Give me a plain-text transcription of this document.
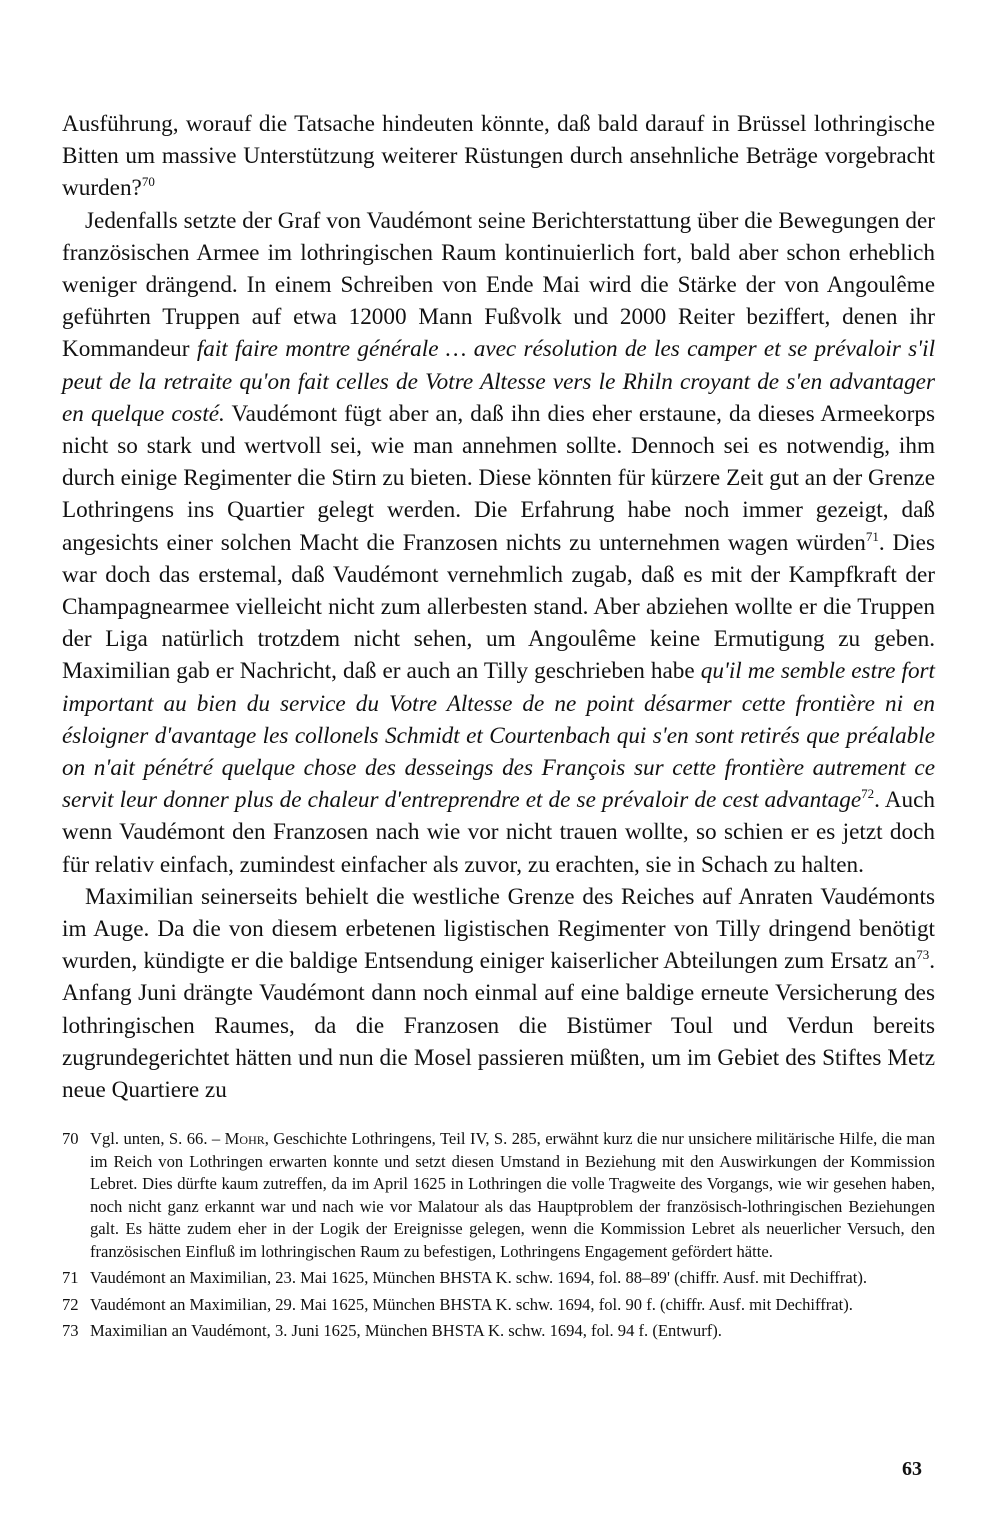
Ausführung, worauf die Tatsache hindeuten könnte, daß bald darauf in Brüssel lothringische Bitten um massive Unterstützung weiterer Rüstungen durch ansehnliche Beträge vorgebracht wurden?$^{70}$

Jedenfalls setzte der Graf von Vaudémont seine Berichterstattung über die Bewegungen der französischen Armee im lothringischen Raum kontinuierlich fort, bald aber schon erheblich weniger drängend. In einem Schreiben von Ende Mai wird die Stärke der von Angoulême geführten Truppen auf etwa 12000 Mann Fußvolk und 2000 Reiter beziffert, denen ihr Kommandeur fait faire montre générale … avec résolution de les camper et se prévaloir s'il peut de la retraite qu'on fait celles de Votre Altesse vers le Rhiln croyant de s'en advantager en quelque costé. Vaudémont fügt aber an, daß ihn dies eher erstaune, da dieses Armeekorps nicht so stark und wertvoll sei, wie man annehmen sollte. Dennoch sei es notwendig, ihm durch einige Regimenter die Stirn zu bieten. Diese könnten für kürzere Zeit gut an der Grenze Lothringens ins Quartier gelegt werden. Die Erfahrung habe noch immer gezeigt, daß angesichts einer solchen Macht die Franzosen nichts zu unternehmen wagen würden$^{71}$. Dies war doch das erstemal, daß Vaudémont vernehmlich zugab, daß es mit der Kampfkraft der Champagnearmee vielleicht nicht zum allerbesten stand. Aber abziehen wollte er die Truppen der Liga natürlich trotzdem nicht sehen, um Angoulême keine Ermutigung zu geben. Maximilian gab er Nachricht, daß er auch an Tilly geschrieben habe qu'il me semble estre fort important au bien du service du Votre Altesse de ne point désarmer cette frontière ni en ésloigner d'avantage les collonels Schmidt et Courtenbach qui s'en sont retirés que préalable on n'ait pénétré quelque chose des desseings des François sur cette frontière autrement ce servit leur donner plus de chaleur d'entreprendre et de se prévaloir de cest advantage$^{72}$. Auch wenn Vaudémont den Franzosen nach wie vor nicht trauen wollte, so schien er es jetzt doch für relativ einfach, zumindest einfacher als zuvor, zu erachten, sie in Schach zu halten.

Maximilian seinerseits behielt die westliche Grenze des Reiches auf Anraten Vaudémonts im Auge. Da die von diesem erbetenen ligistischen Regimenter von Tilly dringend benötigt wurden, kündigte er die baldige Entsendung einiger kaiserlicher Abteilungen zum Ersatz an$^{73}$. Anfang Juni drängte Vaudémont dann noch einmal auf eine baldige erneute Versicherung des lothringischen Raumes, da die Franzosen die Bistümer Toul und Verdun bereits zugrundegerichtet hätten und nun die Mosel passieren müßten, um im Gebiet des Stiftes Metz neue Quartiere zu

70 Vgl. unten, S. 66. – Mohr, Geschichte Lothringens, Teil IV, S. 285, erwähnt kurz die nur unsichere militärische Hilfe, die man im Reich von Lothringen erwarten konnte und setzt diesen Umstand in Beziehung mit den Auswirkungen der Kommission Lebret. Dies dürfte kaum zutreffen, da im April 1625 in Lothringen die volle Tragweite des Vorgangs, wie wir gesehen haben, noch nicht ganz erkannt war und nach wie vor Malatour als das Hauptproblem der französisch-lothringischen Beziehungen galt. Es hätte zudem eher in der Logik der Ereignisse gelegen, wenn die Kommission Lebret als neuerlicher Versuch, den französischen Einfluß im lothringischen Raum zu befestigen, Lothringens Engagement gefördert hätte.
71 Vaudémont an Maximilian, 23. Mai 1625, München BHSTA K. schw. 1694, fol. 88–89' (chiffr. Ausf. mit Dechiffrat).
72 Vaudémont an Maximilian, 29. Mai 1625, München BHSTA K. schw. 1694, fol. 90 f. (chiffr. Ausf. mit Dechiffrat).
73 Maximilian an Vaudémont, 3. Juni 1625, München BHSTA K. schw. 1694, fol. 94 f. (Entwurf).
63
